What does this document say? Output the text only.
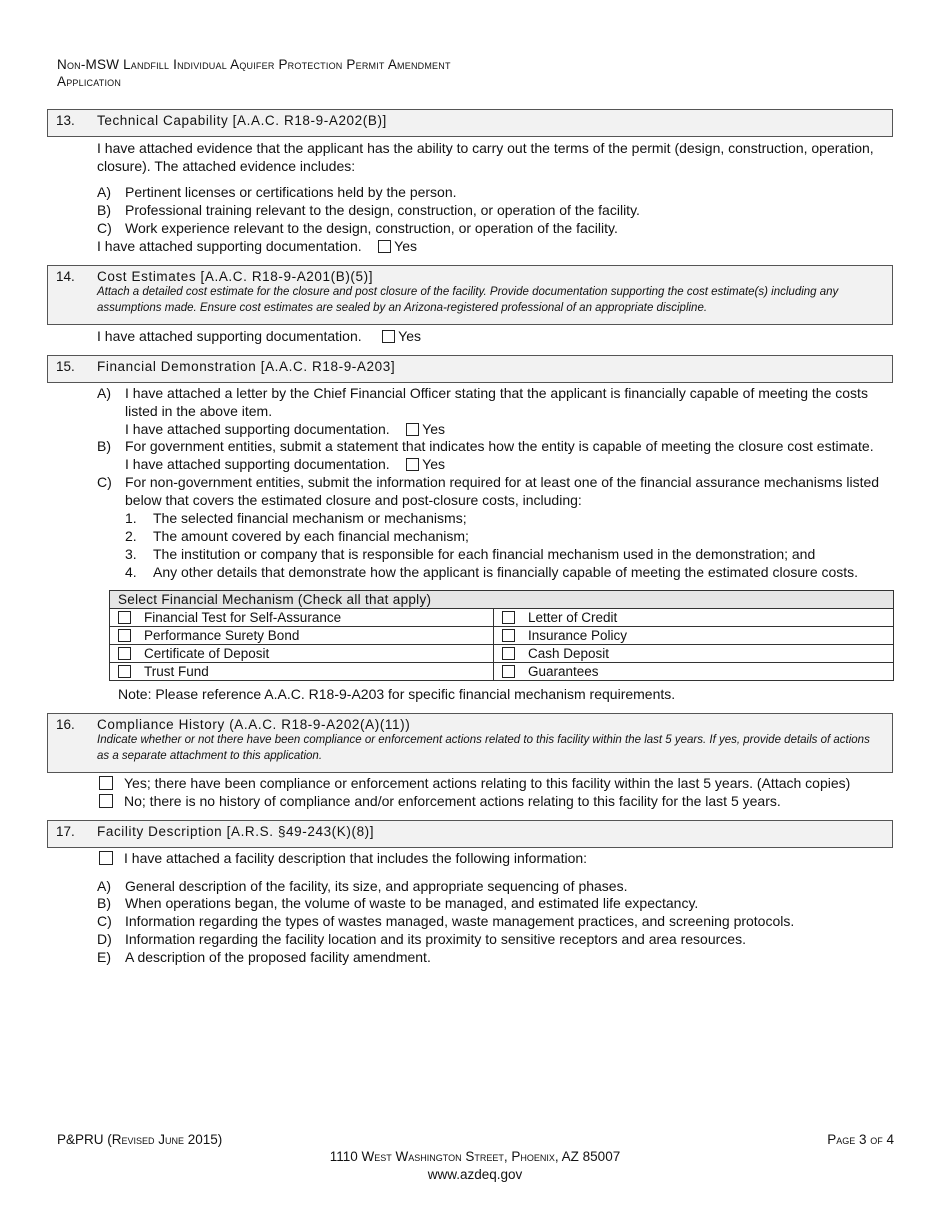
Non-MSW Landfill Individual Aquifer Protection Permit Amendment
Application
13. Technical Capability [A.A.C. R18-9-A202(B)]
I have attached evidence that the applicant has the ability to carry out the terms of the permit (design, construction, operation, closure). The attached evidence includes:
A) Pertinent licenses or certifications held by the person.
B) Professional training relevant to the design, construction, or operation of the facility.
C) Work experience relevant to the design, construction, or operation of the facility.
I have attached supporting documentation. Yes
14. Cost Estimates [A.A.C. R18-9-A201(B)(5)]
Attach a detailed cost estimate for the closure and post closure of the facility. Provide documentation supporting the cost estimate(s) including any assumptions made. Ensure cost estimates are sealed by an Arizona-registered professional of an appropriate discipline.
I have attached supporting documentation.	Yes
15. Financial Demonstration [A.A.C. R18-9-A203]
A) I have attached a letter by the Chief Financial Officer stating that the applicant is financially capable of meeting the costs listed in the above item.
I have attached supporting documentation. Yes
B) For government entities, submit a statement that indicates how the entity is capable of meeting the closure cost estimate.
I have attached supporting documentation. Yes
C) For non-government entities, submit the information required for at least one of the financial assurance mechanisms listed below that covers the estimated closure and post-closure costs, including:
1. The selected financial mechanism or mechanisms;
2. The amount covered by each financial mechanism;
3. The institution or company that is responsible for each financial mechanism used in the demonstration; and
4. Any other details that demonstrate how the applicant is financially capable of meeting the estimated closure costs.
Select Financial Mechanism (Check all that apply)	
Financial Test for Self-Assurance	Letter of Credit
Performance Surety Bond	Insurance Policy
Certificate of Deposit	Cash Deposit
Trust Fund	Guarantees
Note: Please reference A.A.C. R18-9-A203 for specific financial mechanism requirements.
16. Compliance History (A.A.C. R18-9-A202(A)(11))
Indicate whether or not there have been compliance or enforcement actions related to this facility within the last 5 years. If yes, provide details of actions as a separate attachment to this application.
Yes; there have been compliance or enforcement actions relating to this facility within the last 5 years. (Attach copies)
No; there is no history of compliance and/or enforcement actions relating to this facility for the last 5 years.
17. Facility Description [A.R.S. §49-243(K)(8)]
I have attached a facility description that includes the following information:
A) General description of the facility, its size, and appropriate sequencing of phases.
B) When operations began, the volume of waste to be managed, and estimated life expectancy.
C) Information regarding the types of wastes managed, waste management practices, and screening protocols.
D) Information regarding the facility location and its proximity to sensitive receptors and area resources.
E) A description of the proposed facility amendment.
P&PRU (Revised June 2015)	Page 3 of 4
1110 West Washington Street, Phoenix, AZ 85007
www.azdeq.gov
